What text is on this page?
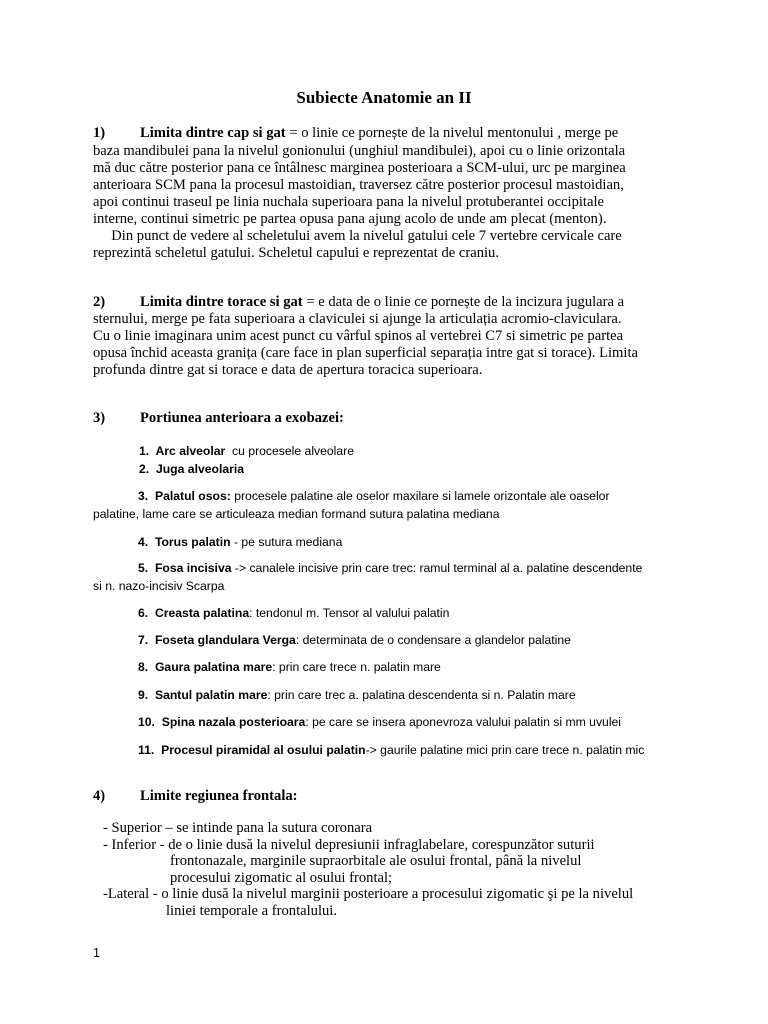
Subiecte Anatomie an II
1) Limita dintre cap si gat = o linie ce pornește de la nivelul mentonului , merge pe
baza mandibulei pana la nivelul gonionului (unghiul mandibulei), apoi cu o linie orizontala
mă duc către posterior pana ce întâlnesc marginea posterioara a SCM-ului, urc pe marginea
anterioara SCM pana la procesul mastoidian, traversez către posterior procesul mastoidian,
apoi continui traseul pe linia nuchala superioara pana la nivelul protuberantei occipitale
interne, continui simetric pe partea opusa pana ajung acolo de unde am plecat (menton).
Din punct de vedere al scheletului avem la nivelul gatului cele 7 vertebre cervicale care
reprezintă scheletul gatului. Scheletul capului e reprezentat de craniu.
2) Limita dintre torace si gat = e data de o linie ce pornește de la incizura jugulara a
sternului, merge pe fata superioara a claviculei si ajunge la articulația acromio-claviculara.
Cu o linie imaginara unim acest punct cu vârful spinos al vertebrei C7 si simetric pe partea
opusa închid aceasta granița (care face in plan superficial separația intre gat si torace). Limita
profunda dintre gat si torace e data de apertura toracica superioara.
3) Portiunea anterioara a exobazei:
1.  Arc alveolar  cu procesele alveolare
2. Juga alveolaria
3. Palatul osos: procesele palatine ale oselor maxilare si lamele orizontale ale oaselor
palatine, lame care se articuleaza median formand sutura palatina mediana
4. Torus palatin - pe sutura mediana
5. Fosa incisiva -> canalele incisive prin care trec: ramul terminal al a. palatine descendente
si n. nazo-incisiv Scarpa
6. Creasta palatina: tendonul m. Tensor al valului palatin
7. Foseta glandulara Verga: determinata de o condensare a glandelor palatine
8. Gaura palatina mare: prin care trece n. palatin mare
9.  Santul palatin mare: prin care trec a. palatina descendenta si n. Palatin mare
10. Spina nazala posterioara: pe care se insera aponevroza valului palatin si mm uvulei
11. Procesul piramidal al osului palatin-> gaurile palatine mici prin care trece n. palatin mic
4) Limite regiunea frontala:
- Superior – se intinde pana la sutura coronara
- Inferior - de o linie dusă la nivelul depresiunii infraglabelare, corespunzător suturii
frontonazale, marginile supraorbitale ale osului frontal, până la nivelul
procesului zigomatic al osului frontal;
-Lateral - o linie dusă la nivelul marginii posterioare a procesului zigomatic şi pe la nivelul
liniei temporale a frontalului.
1
